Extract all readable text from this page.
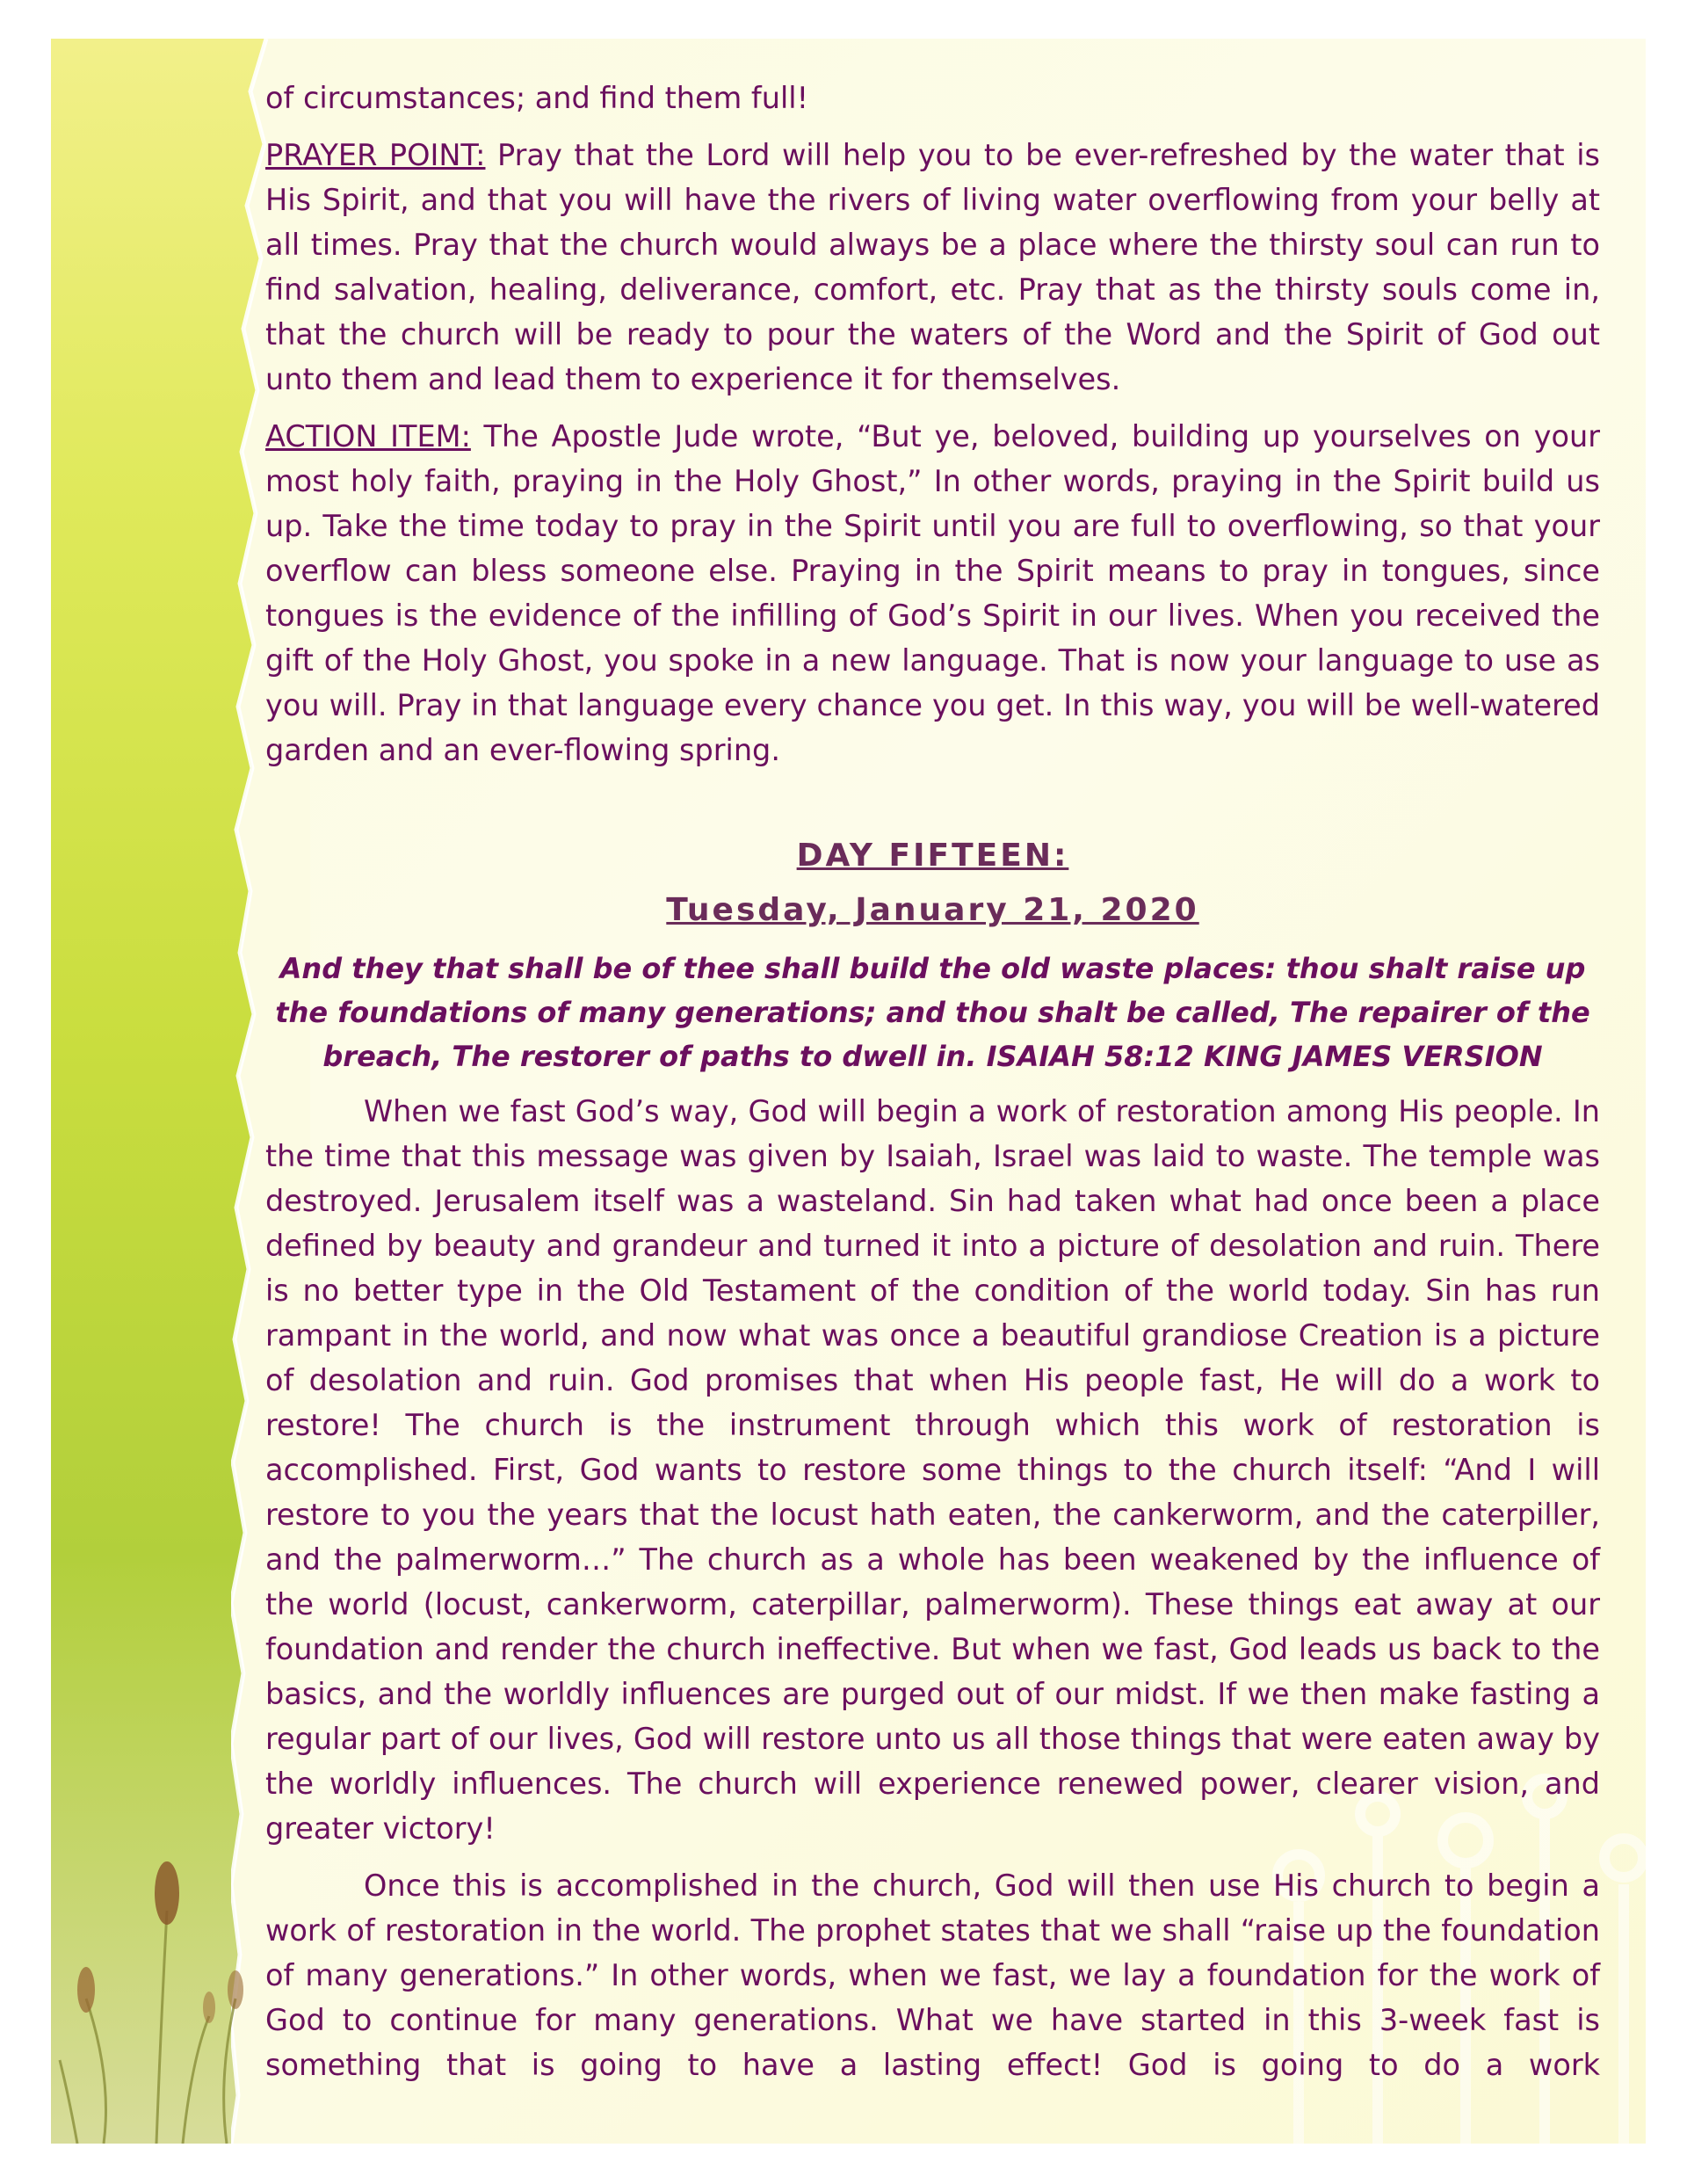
of circumstances; and find them full!

PRAYER POINT: Pray that the Lord will help you to be ever-refreshed by the water that is His Spirit, and that you will have the rivers of living water overflowing from your belly at all times. Pray that the church would always be a place where the thirsty soul can run to find salvation, healing, deliverance, comfort, etc. Pray that as the thirsty souls come in, that the church will be ready to pour the waters of the Word and the Spirit of God out unto them and lead them to experience it for themselves.

ACTION ITEM: The Apostle Jude wrote, “But ye, beloved, building up yourselves on your most holy faith, praying in the Holy Ghost,” In other words, praying in the Spirit build us up. Take the time today to pray in the Spirit until you are full to overflowing, so that your overflow can bless someone else. Praying in the Spirit means to pray in tongues, since tongues is the evidence of the infilling of God’s Spirit in our lives. When you received the gift of the Holy Ghost, you spoke in a new language. That is now your language to use as you will. Pray in that language every chance you get. In this way, you will be well-watered garden and an ever-flowing spring.

DAY FIFTEEN:
Tuesday, January 21, 2020

And they that shall be of thee shall build the old waste places: thou shalt raise up the foundations of many generations; and thou shalt be called, The repairer of the breach, The restorer of paths to dwell in. ISAIAH 58:12 KING JAMES VERSION

When we fast God’s way, God will begin a work of restoration among His people. In the time that this message was given by Isaiah, Israel was laid to waste. The temple was destroyed. Jerusalem itself was a wasteland. Sin had taken what had once been a place defined by beauty and grandeur and turned it into a picture of desolation and ruin. There is no better type in the Old Testament of the condition of the world today. Sin has run rampant in the world, and now what was once a beautiful grandiose Creation is a picture of desolation and ruin. God promises that when His people fast, He will do a work to restore! The church is the instrument through which this work of restoration is accomplished. First, God wants to restore some things to the church itself: “And I will restore to you the years that the locust hath eaten, the cankerworm, and the caterpiller, and the palmerworm…” The church as a whole has been weakened by the influence of the world (locust, cankerworm, caterpillar, palmerworm). These things eat away at our foundation and render the church ineffective. But when we fast, God leads us back to the basics, and the worldly influences are purged out of our midst. If we then make fasting a regular part of our lives, God will restore unto us all those things that were eaten away by the worldly influences. The church will experience renewed power, clearer vision, and greater victory!

Once this is accomplished in the church, God will then use His church to begin a work of restoration in the world. The prophet states that we shall “raise up the foundation of many generations.” In other words, when we fast, we lay a foundation for the work of God to continue for many generations. What we have started in this 3-week fast is something that is going to have a lasting effect! God is going to do a work
